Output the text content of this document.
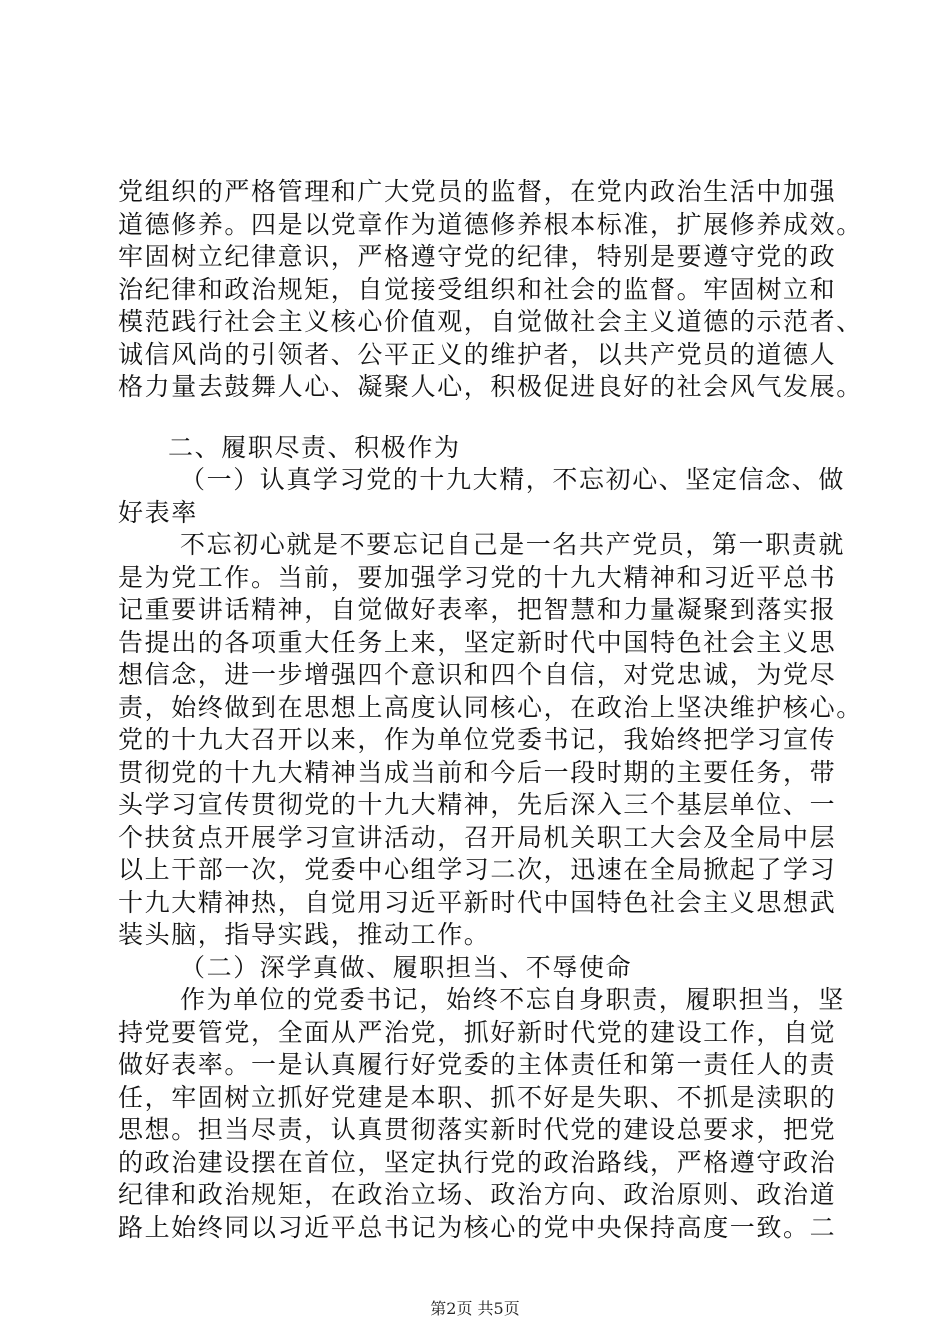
党组织的严格管理和广大党员的监督，在党内政治生活中加强
道德修养。四是以党章作为道德修养根本标准，扩展修养成效。
牢固树立纪律意识，严格遵守党的纪律，特别是要遵守党的政
治纪律和政治规矩，自觉接受组织和社会的监督。牢固树立和
模范践行社会主义核心价值观，自觉做社会主义道德的示范者、
诚信风尚的引领者、公平正义的维护者，以共产党员的道德人
格力量去鼓舞人心、凝聚人心，积极促进良好的社会风气发展。
二、履职尽责、积极作为
（一）认真学习党的十九大精，不忘初心、坚定信念、做
好表率
不忘初心就是不要忘记自己是一名共产党员，第一职责就
是为党工作。当前，要加强学习党的十九大精神和习近平总书
记重要讲话精神，自觉做好表率，把智慧和力量凝聚到落实报
告提出的各项重大任务上来，坚定新时代中国特色社会主义思
想信念，进一步增强四个意识和四个自信，对党忠诚，为党尽
责，始终做到在思想上高度认同核心，在政治上坚决维护核心。
党的十九大召开以来，作为单位党委书记，我始终把学习宣传
贯彻党的十九大精神当成当前和今后一段时期的主要任务，带
头学习宣传贯彻党的十九大精神，先后深入三个基层单位、一
个扶贫点开展学习宣讲活动，召开局机关职工大会及全局中层
以上干部一次，党委中心组学习二次，迅速在全局掀起了学习
十九大精神热，自觉用习近平新时代中国特色社会主义思想武
装头脑，指导实践，推动工作。
（二）深学真做、履职担当、不辱使命
作为单位的党委书记，始终不忘自身职责，履职担当，坚
持党要管党，全面从严治党，抓好新时代党的建设工作，自觉
做好表率。一是认真履行好党委的主体责任和第一责任人的责
任，牢固树立抓好党建是本职、抓不好是失职、不抓是渎职的
思想。担当尽责，认真贯彻落实新时代党的建设总要求，把党
的政治建设摆在首位，坚定执行党的政治路线，严格遵守政治
纪律和政治规矩，在政治立场、政治方向、政治原则、政治道
路上始终同以习近平总书记为核心的党中央保持高度一致。二
第2页 共5页
